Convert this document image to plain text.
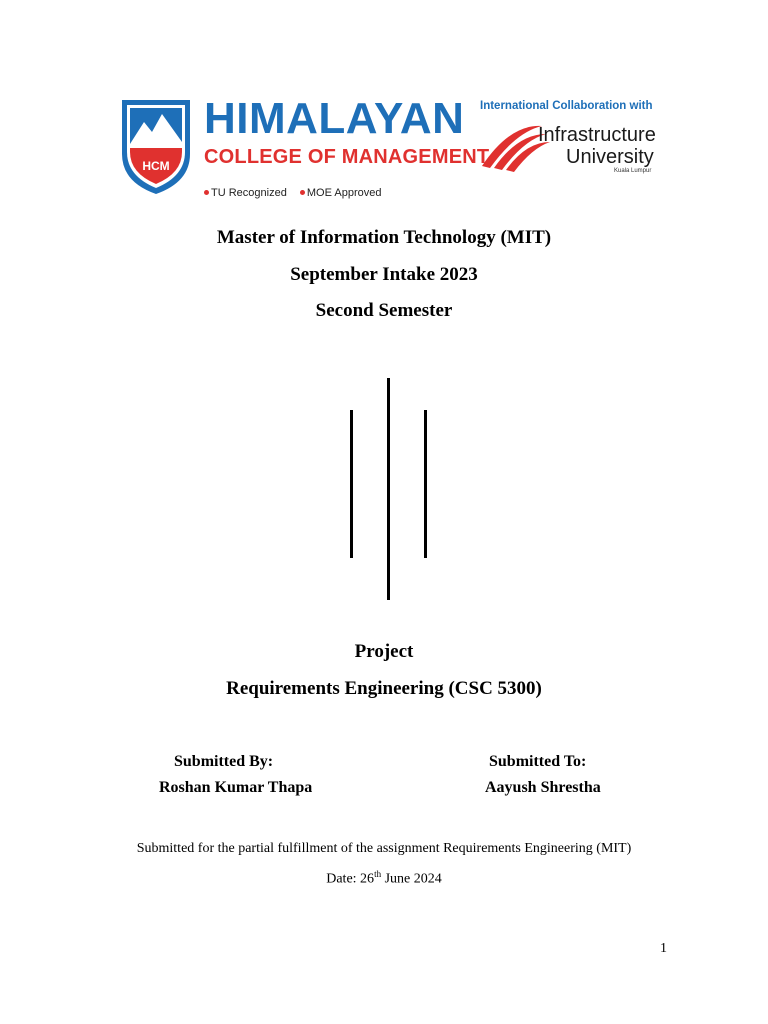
HCM
HIMALAYAN
COLLEGE OF MANAGEMENT
TU Recognized MOE Approved
International Collaboration with
Infrastructure
University
Kuala Lumpur
Master of Information Technology (MIT)
September Intake 2023
Second Semester
Project
Requirements Engineering (CSC 5300)
Submitted By:
Roshan Kumar Thapa
Submitted To:
Aayush Shrestha
Submitted for the partial fulfillment of the assignment Requirements Engineering (MIT)
Date: 26th June 2024
1
